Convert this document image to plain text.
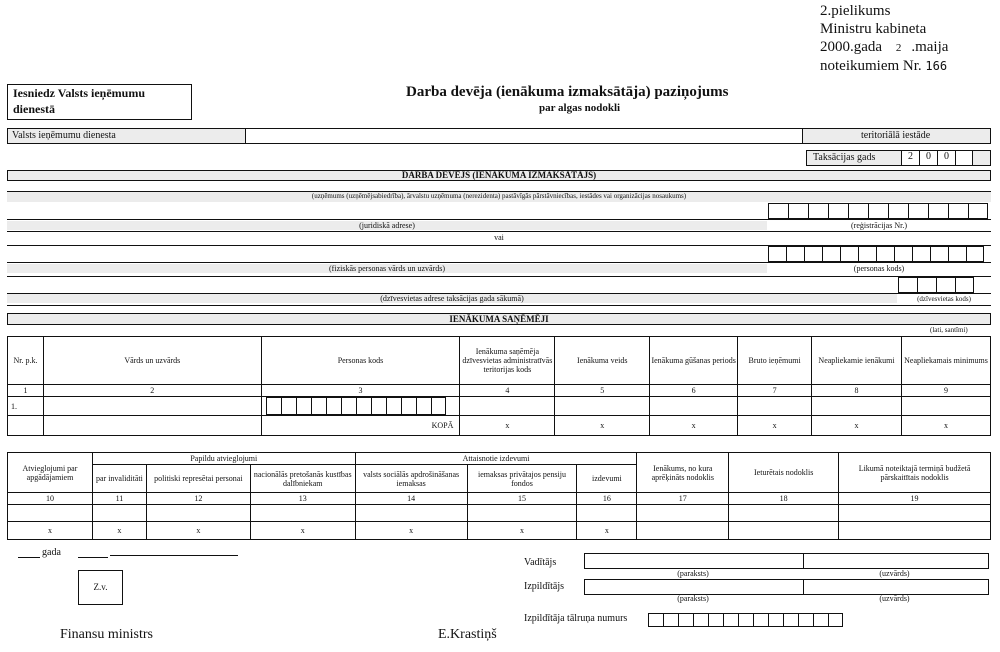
2.pielikums
Ministru kabineta
2000.gada 2 .maija
noteikumiem Nr. 166
Iesniedz Valsts ieņēmumu
dienestā
Darba devēja (ienākuma izmaksātāja) paziņojums
par algas nodokli
Valsts ieņēmumu dienesta	teritoriālā iestāde
Taksācijas gads	2	0	0
DARBA DEVĒJS (IENĀKUMA IZMAKSĀTĀJS)
(uzņēmums (uzņēmējsabiedrība), ārvalstu uzņēmuma (nerezidenta) pastāvīgās pārstāvniecības, iestādes vai organizācijas nosaukums)
(juridiskā adrese)	(reģistrācijas Nr.)
vai
(fiziskās personas vārds un uzvārds)	(personas kods)
(dzīvesvietas adrese taksācijas gada sākumā)	(dzīvesvietas kods)
IENĀKUMA SAŅĒMĒJI
(lati, santīmi)
Nr. p.k.	Vārds un uzvārds	Personas kods	Ienākuma saņēmēja dzīvesvietas administratīvās teritorijas kods	Ienākuma veids	Ienākuma gūšanas periods	Bruto ieņēmumi	Neapliekamie ienākumi	Neapliekamais minimums
1	2	3	4	5	6	7	8	9
1.								
		KOPĀ	x	x	x	x	x	x
Atvieglojumi par apgādājamiem	Papildu atvieglojumi			Attaisnotie izdevumi			Ienākums, no kura aprēķināts nodoklis	Ieturētais nodoklis	Likumā noteiktajā termiņā budžetā pārskaitītais nodoklis
	par invaliditāti	politiski represētai personai	nacionālās pretošanās kustības dalībniekam	valsts sociālās apdrošināšanas iemaksas	iemaksas privātajos pensiju fondos	izdevumi			
10	11	12	13	14	15	16	17	18	19

x	x	x	x	x	x	x			
gada
Z.v.
Vadītājs
(paraksts)	(uzvārds)
Izpildītājs
(paraksts)	(uzvārds)
Izpildītāja tālruņa numurs
Finansu ministrs	E.Krastiņš
